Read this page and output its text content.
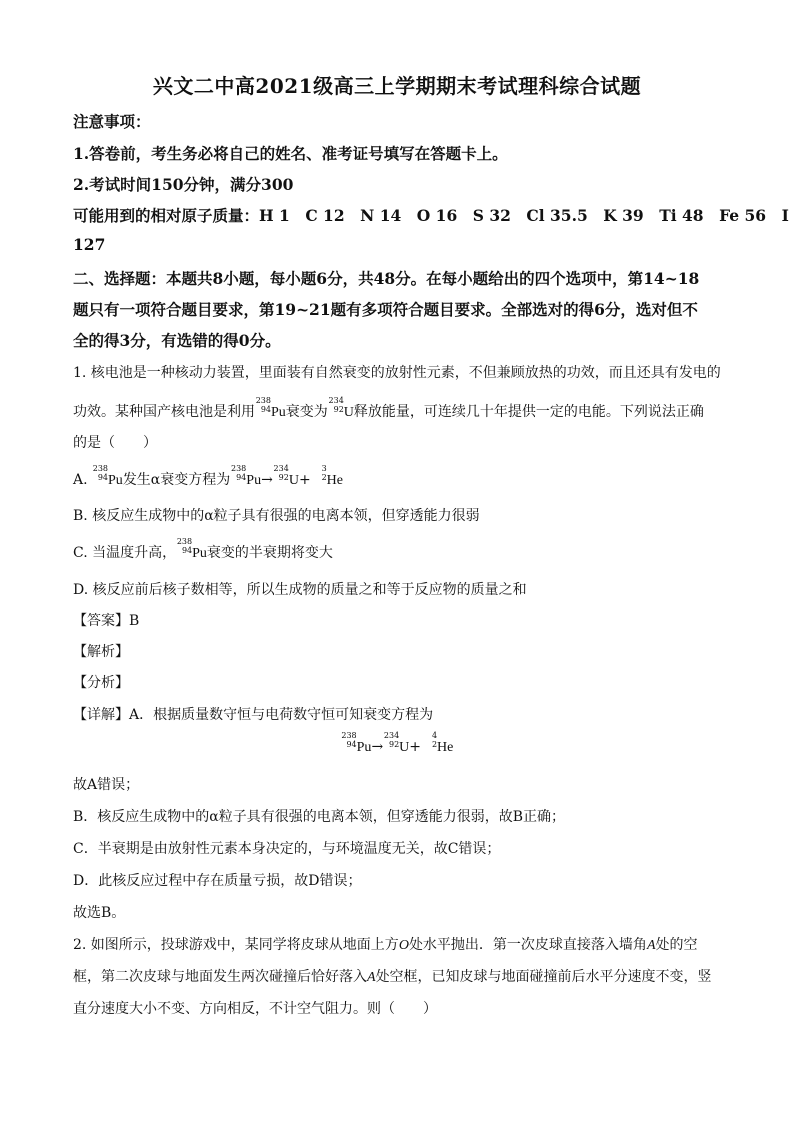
兴文二中高2021级高三上学期期末考试理科综合试题
注意事项：
1.答卷前，考生务必将自己的姓名、准考证号填写在答题卡上。
2.考试时间150分钟，满分300
可能用到的相对原子质量：H 1　C 12　N 14　O 16　S 32　Cl 35.5　K 39　Ti 48　Fe 56　I
127
二、选择题：本题共8小题，每小题6分，共48分。在每小题给出的四个选项中，第14~18
题只有一项符合题目要求，第19~21题有多项符合题目要求。全部选对的得6分，选对但不
全的得3分，有选错的得0分。
1. 核电池是一种核动力装置，里面装有自然衰变的放射性元素，不但兼顾放热的功效，而且还具有发电的
功效。某种国产核电池是利用
238
94 Pu衰变为
234
92 U释放能量，可连续几十年提供一定的电能。下列说法正确
的是（　　）
A.
238
94 Pu发生α衰变方程为
238
94 Pu→
234
92 U+
3
2 He
B. 核反应生成物中的α粒子具有很强的电离本领，但穿透能力很弱
C. 当温度升高，
238
94 Pu衰变的半衰期将变大
D. 核反应前后核子数相等，所以生成物的质量之和等于反应物的质量之和
【答案】B
【解析】
【分析】
【详解】A．根据质量数守恒与电荷数守恒可知衰变方程为
238
94 Pu→
234
92 U+
4
2 He
故A错误；
B．核反应生成物中的α粒子具有很强的电离本领，但穿透能力很弱，故B正确；
C．半衰期是由放射性元素本身决定的，与环境温度无关，故C错误；
D．此核反应过程中存在质量亏损，故D错误；
故选B。
2. 如图所示，投球游戏中，某同学将皮球从地面上方O处水平抛出．第一次皮球直接落入墙角A处的空
框，第二次皮球与地面发生两次碰撞后恰好落入A处空框，已知皮球与地面碰撞前后水平分速度不变，竖
直分速度大小不变、方向相反，不计空气阻力。则（　　）
